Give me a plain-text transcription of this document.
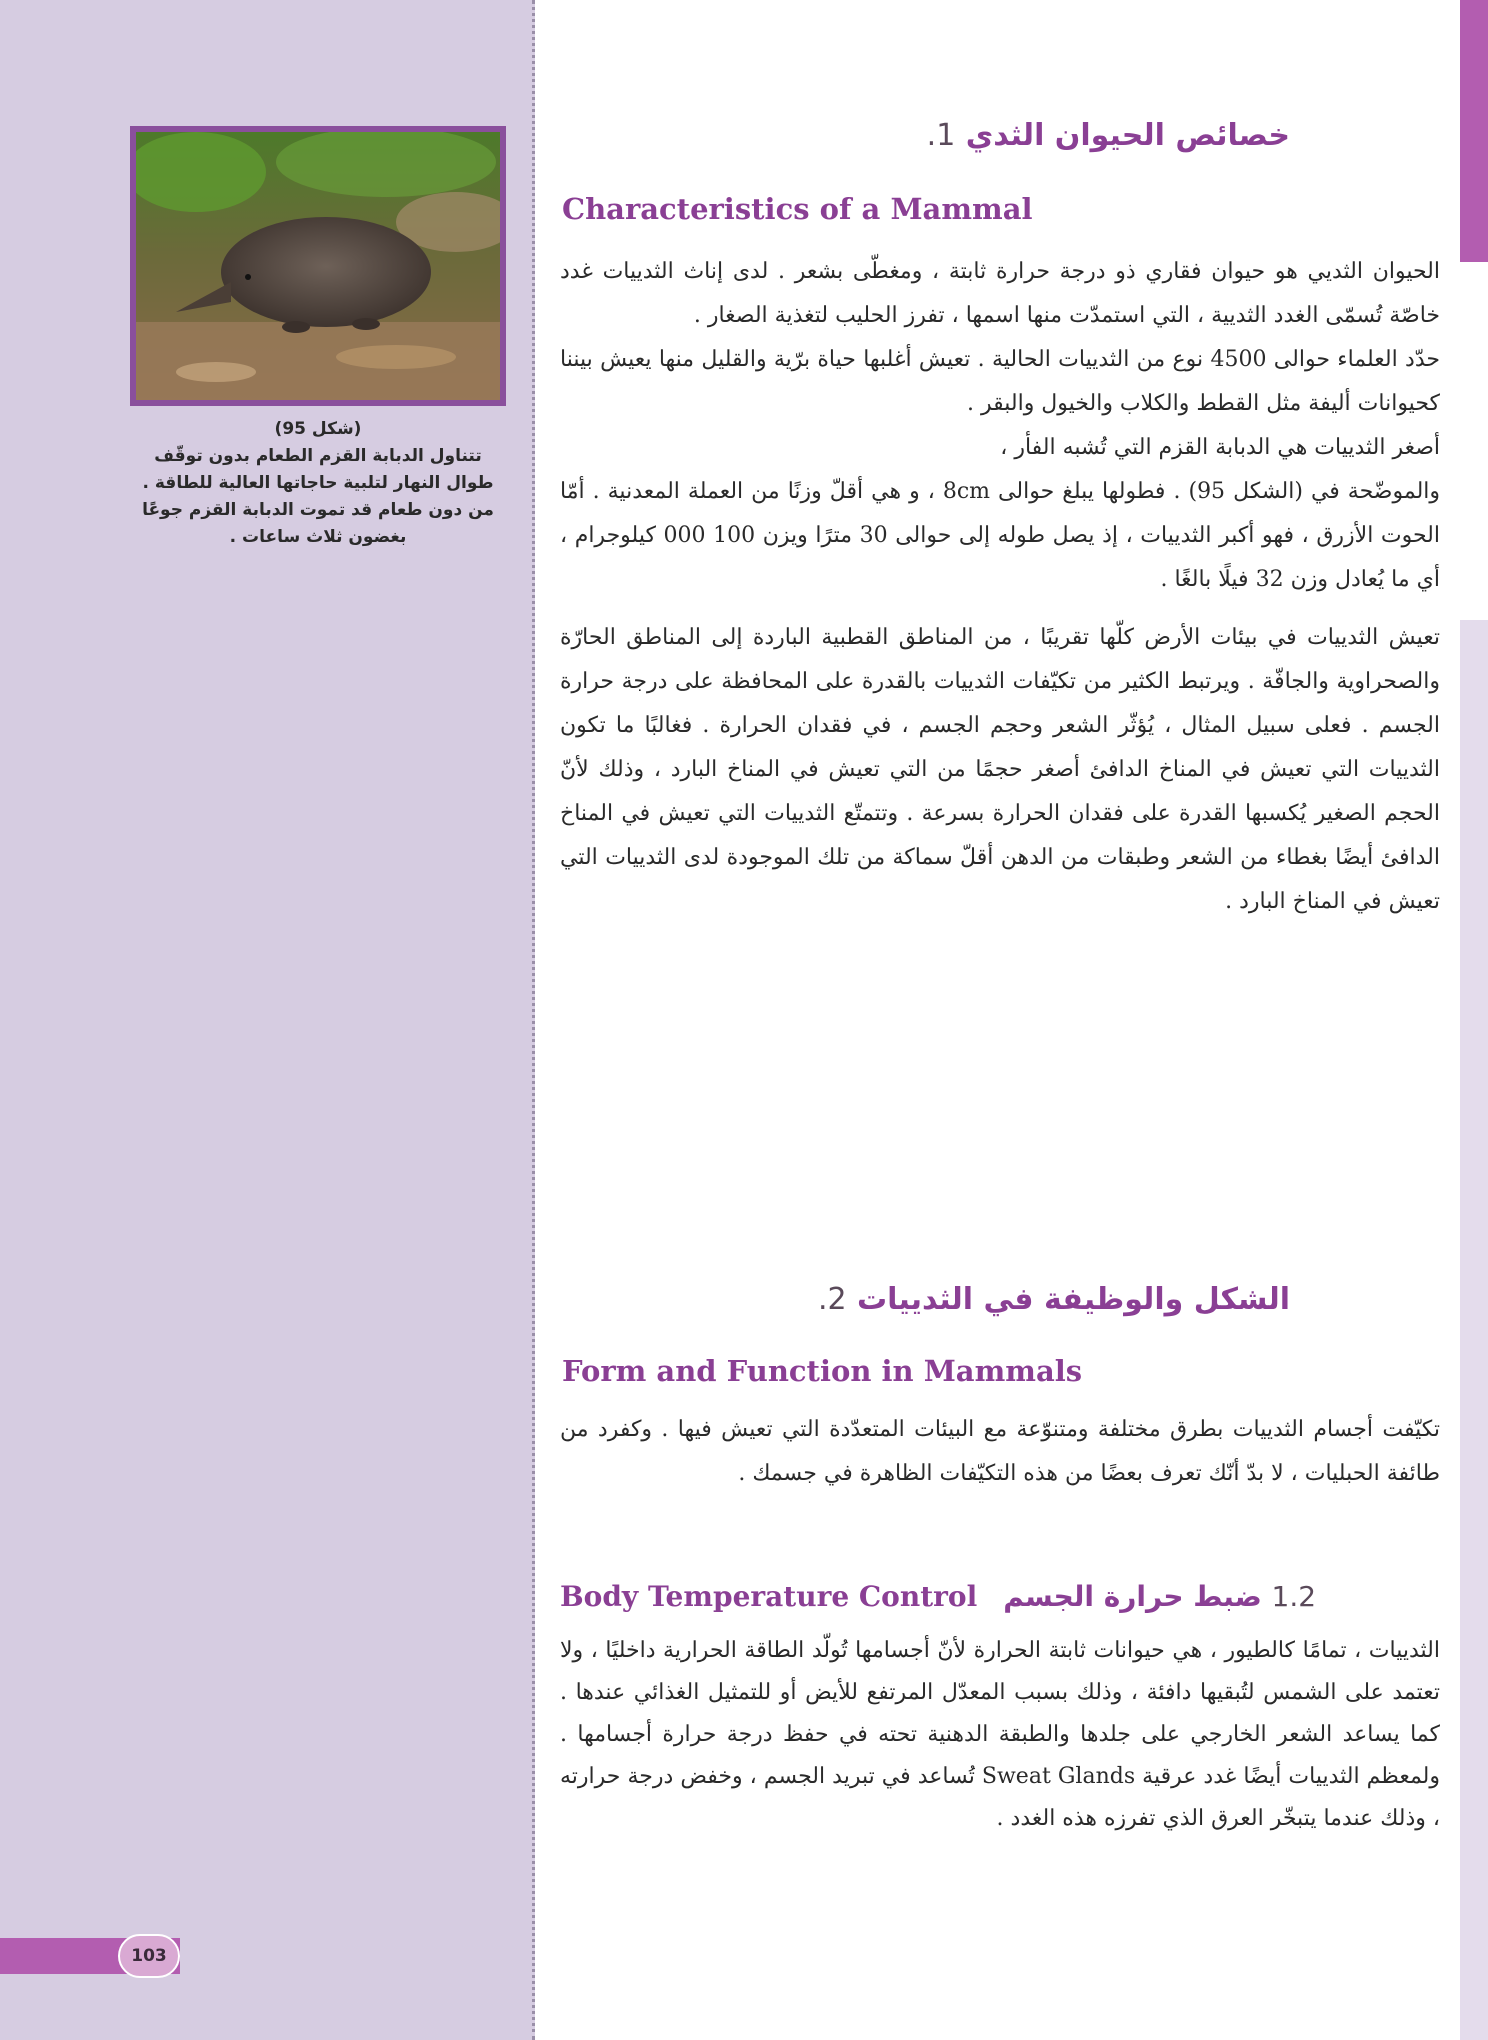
(شكل 95)
تتناول الدبابة القزم الطعام بدون توقّف طوال النهار لتلبية حاجاتها العالية للطاقة . من دون طعام قد تموت الدبابة القزم جوعًا بغضون ثلاث ساعات .
103
خصائص الحيوان الثدي 1.
Characteristics of a Mammal

الحيوان الثديي هو حيوان فقاري ذو درجة حرارة ثابتة ، ومغطّى بشعر . لدى إناث الثدييات غدد خاصّة تُسمّى الغدد الثديية ، التي استمدّت منها اسمها ، تفرز الحليب لتغذية الصغار .

حدّد العلماء حوالى 4500 نوع من الثدييات الحالية . تعيش أغلبها حياة برّية والقليل منها يعيش بيننا كحيوانات أليفة مثل القطط والكلاب والخيول والبقر .

أصغر الثدييات هي الدبابة القزم التي تُشبه الفأر ،

والموضّحة في (الشكل 95) . فطولها يبلغ حوالى 8cm ، و هي أقلّ وزنًا من العملة المعدنية . أمّا الحوت الأزرق ، فهو أكبر الثدييات ، إذ يصل طوله إلى حوالى 30 مترًا ويزن 100 000 كيلوجرام ، أي ما يُعادل وزن 32 فيلًا بالغًا .

تعيش الثدييات في بيئات الأرض كلّها تقريبًا ، من المناطق القطبية الباردة إلى المناطق الحارّة والصحراوية والجافّة . ويرتبط الكثير من تكيّفات الثدييات بالقدرة على المحافظة على درجة حرارة الجسم . فعلى سبيل المثال ، يُؤثّر الشعر وحجم الجسم ، في فقدان الحرارة . فغالبًا ما تكون الثدييات التي تعيش في المناخ الدافئ أصغر حجمًا من التي تعيش في المناخ البارد ، وذلك لأنّ الحجم الصغير يُكسبها القدرة على فقدان الحرارة بسرعة . وتتمتّع الثدييات التي تعيش في المناخ الدافئ أيضًا بغطاء من الشعر وطبقات من الدهن أقلّ سماكة من تلك الموجودة لدى الثدييات التي تعيش في المناخ البارد .

الشكل والوظيفة في الثدييات 2.
Form and Function in Mammals

تكيّفت أجسام الثدييات بطرق مختلفة ومتنوّعة مع البيئات المتعدّدة التي تعيش فيها . وكفرد من طائفة الحبليات ، لا بدّ أنّك تعرف بعضًا من هذه التكيّفات الظاهرة في جسمك .

Body Temperature Control	1.2 ضبط حرارة الجسم

الثدييات ، تمامًا كالطيور ، هي حيوانات ثابتة الحرارة لأنّ أجسامها تُولّد الطاقة الحرارية داخليًا ، ولا تعتمد على الشمس لتُبقيها دافئة ، وذلك بسبب المعدّل المرتفع للأيض أو للتمثيل الغذائي عندها . كما يساعد الشعر الخارجي على جلدها والطبقة الدهنية تحته في حفظ درجة حرارة أجسامها . ولمعظم الثدييات أيضًا غدد عرقية Sweat Glands تُساعد في تبريد الجسم ، وخفض درجة حرارته ، وذلك عندما يتبخّر العرق الذي تفرزه هذه الغدد .
